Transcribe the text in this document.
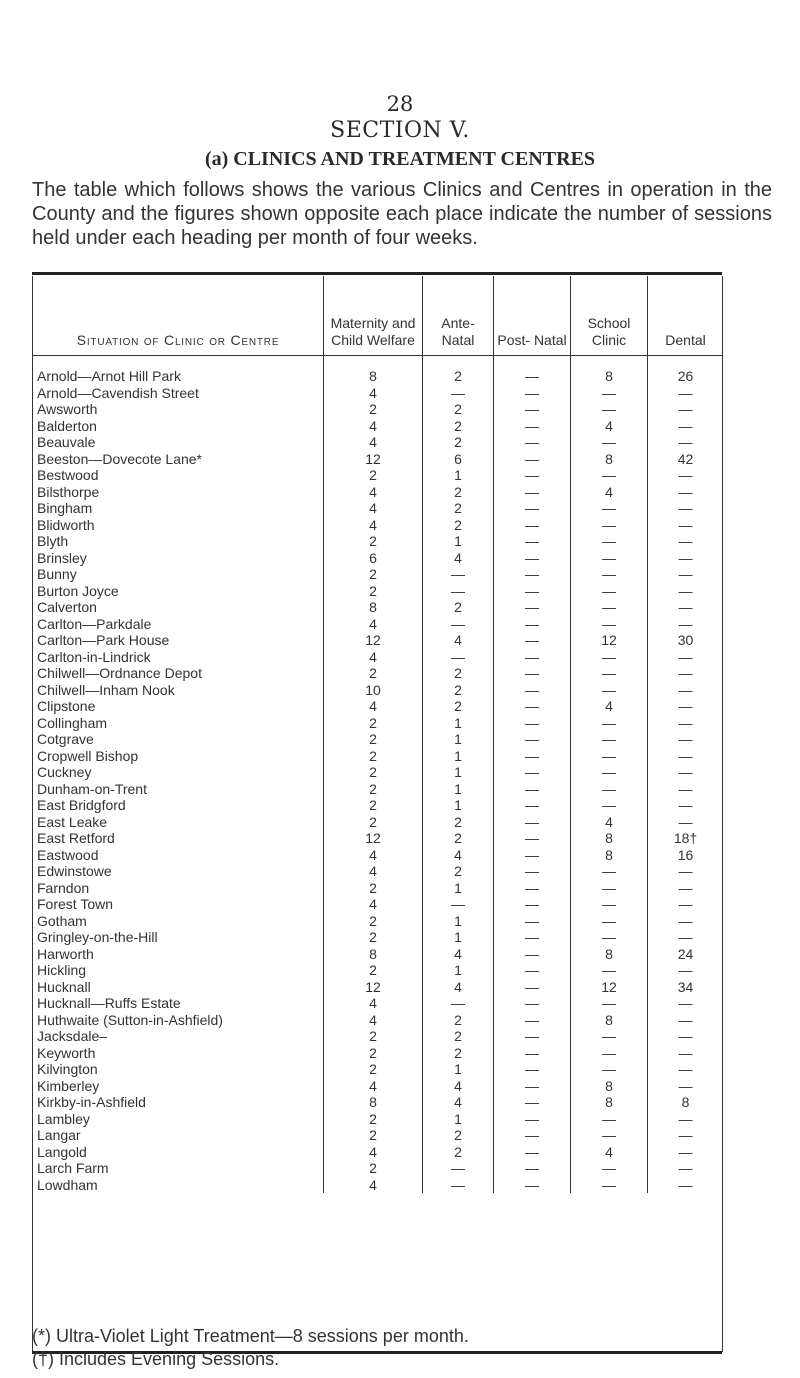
28
SECTION V.
(a) CLINICS AND TREATMENT CENTRES
The table which follows shows the various Clinics and Centres in operation in the County and the figures shown opposite each place indicate the number of sessions held under each heading per month of four weeks.
Situation of Clinic or Centre	Maternity and Child Welfare	Ante- Natal	Post- Natal	School Clinic	Dental
Arnold—Arnot Hill Park	8	2	—	8	26
Arnold—Cavendish Street	4	—	—	—	—
Awsworth	2	2	—	—	—
Balderton	4	2	—	4	—
Beauvale	4	2	—	—	—
Beeston—Dovecote Lane*	12	6	—	8	42
Bestwood	2	1	—	—	—
Bilsthorpe	4	2	—	4	—
Bingham	4	2	—	—	—
Blidworth	4	2	—	—	—
Blyth	2	1	—	—	—
Brinsley	6	4	—	—	—
Bunny	2	—	—	—	—
Burton Joyce	2	—	—	—	—
Calverton	8	2	—	—	—
Carlton—Parkdale	4	—	—	—	—
Carlton—Park House	12	4	—	12	30
Carlton-in-Lindrick	4	—	—	—	—
Chilwell—Ordnance Depot	2	2	—	—	—
Chilwell—Inham Nook	10	2	—	—	—
Clipstone	4	2	—	4	—
Collingham	2	1	—	—	—
Cotgrave	2	1	—	—	—
Cropwell Bishop	2	1	—	—	—
Cuckney	2	1	—	—	—
Dunham-on-Trent	2	1	—	—	—
East Bridgford	2	1	—	—	—
East Leake	2	2	—	4	—
East Retford	12	2	—	8	18†
Eastwood	4	4	—	8	16
Edwinstowe	4	2	—	—	—
Farndon	2	1	—	—	—
Forest Town	4	—	—	—	—
Gotham	2	1	—	—	—
Gringley-on-the-Hill	2	1	—	—	—
Harworth	8	4	—	8	24
Hickling	2	1	—	—	—
Hucknall	12	4	—	12	34
Hucknall—Ruffs Estate	4	—	—	—	—
Huthwaite (Sutton-in-Ashfield)	4	2	—	8	—
Jacksdale–	2	2	—	—	—
Keyworth	2	2	—	—	—
Kilvington	2	1	—	—	—
Kimberley	4	4	—	8	—
Kirkby-in-Ashfield	8	4	—	8	8
Lambley	2	1	—	—	—
Langar	2	2	—	—	—
Langold	4	2	—	4	—
Larch Farm	2	—	—	—	—
Lowdham	4	—	—	—	—
(*) Ultra-Violet Light Treatment—8 sessions per month.
(†) Includes Evening Sessions.
